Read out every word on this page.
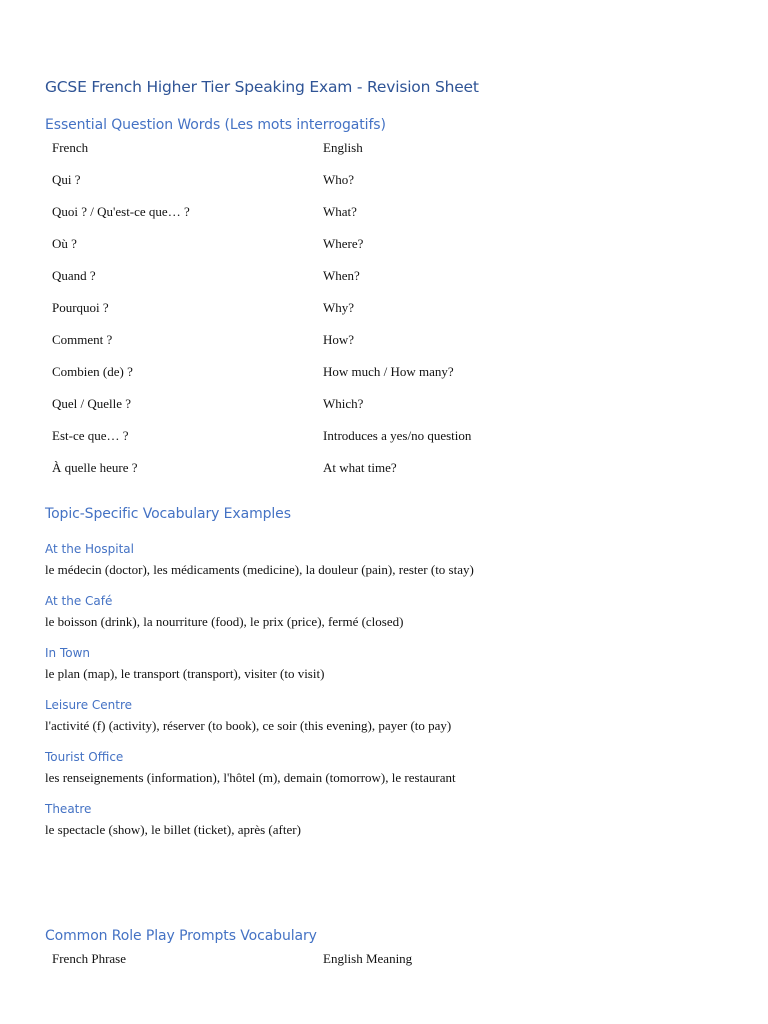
GCSE French Higher Tier Speaking Exam - Revision Sheet
Essential Question Words (Les mots interrogatifs)
French	English
Qui ?	Who?
Quoi ? / Qu'est-ce que… ?	What?
Où ?	Where?
Quand ?	When?
Pourquoi ?	Why?
Comment ?	How?
Combien (de) ?	How much / How many?
Quel / Quelle ?	Which?
Est-ce que… ?	Introduces a yes/no question
À quelle heure ?	At what time?
Topic-Specific Vocabulary Examples
At the Hospital
le médecin (doctor), les médicaments (medicine), la douleur (pain), rester (to stay)
At the Café
le boisson (drink), la nourriture (food), le prix (price), fermé (closed)
In Town
le plan (map), le transport (transport), visiter (to visit)
Leisure Centre
l'activité (f) (activity), réserver (to book), ce soir (this evening), payer (to pay)
Tourist Office
les renseignements (information), l'hôtel (m), demain (tomorrow), le restaurant
Theatre
le spectacle (show), le billet (ticket), après (after)
Common Role Play Prompts Vocabulary
French Phrase	English Meaning
